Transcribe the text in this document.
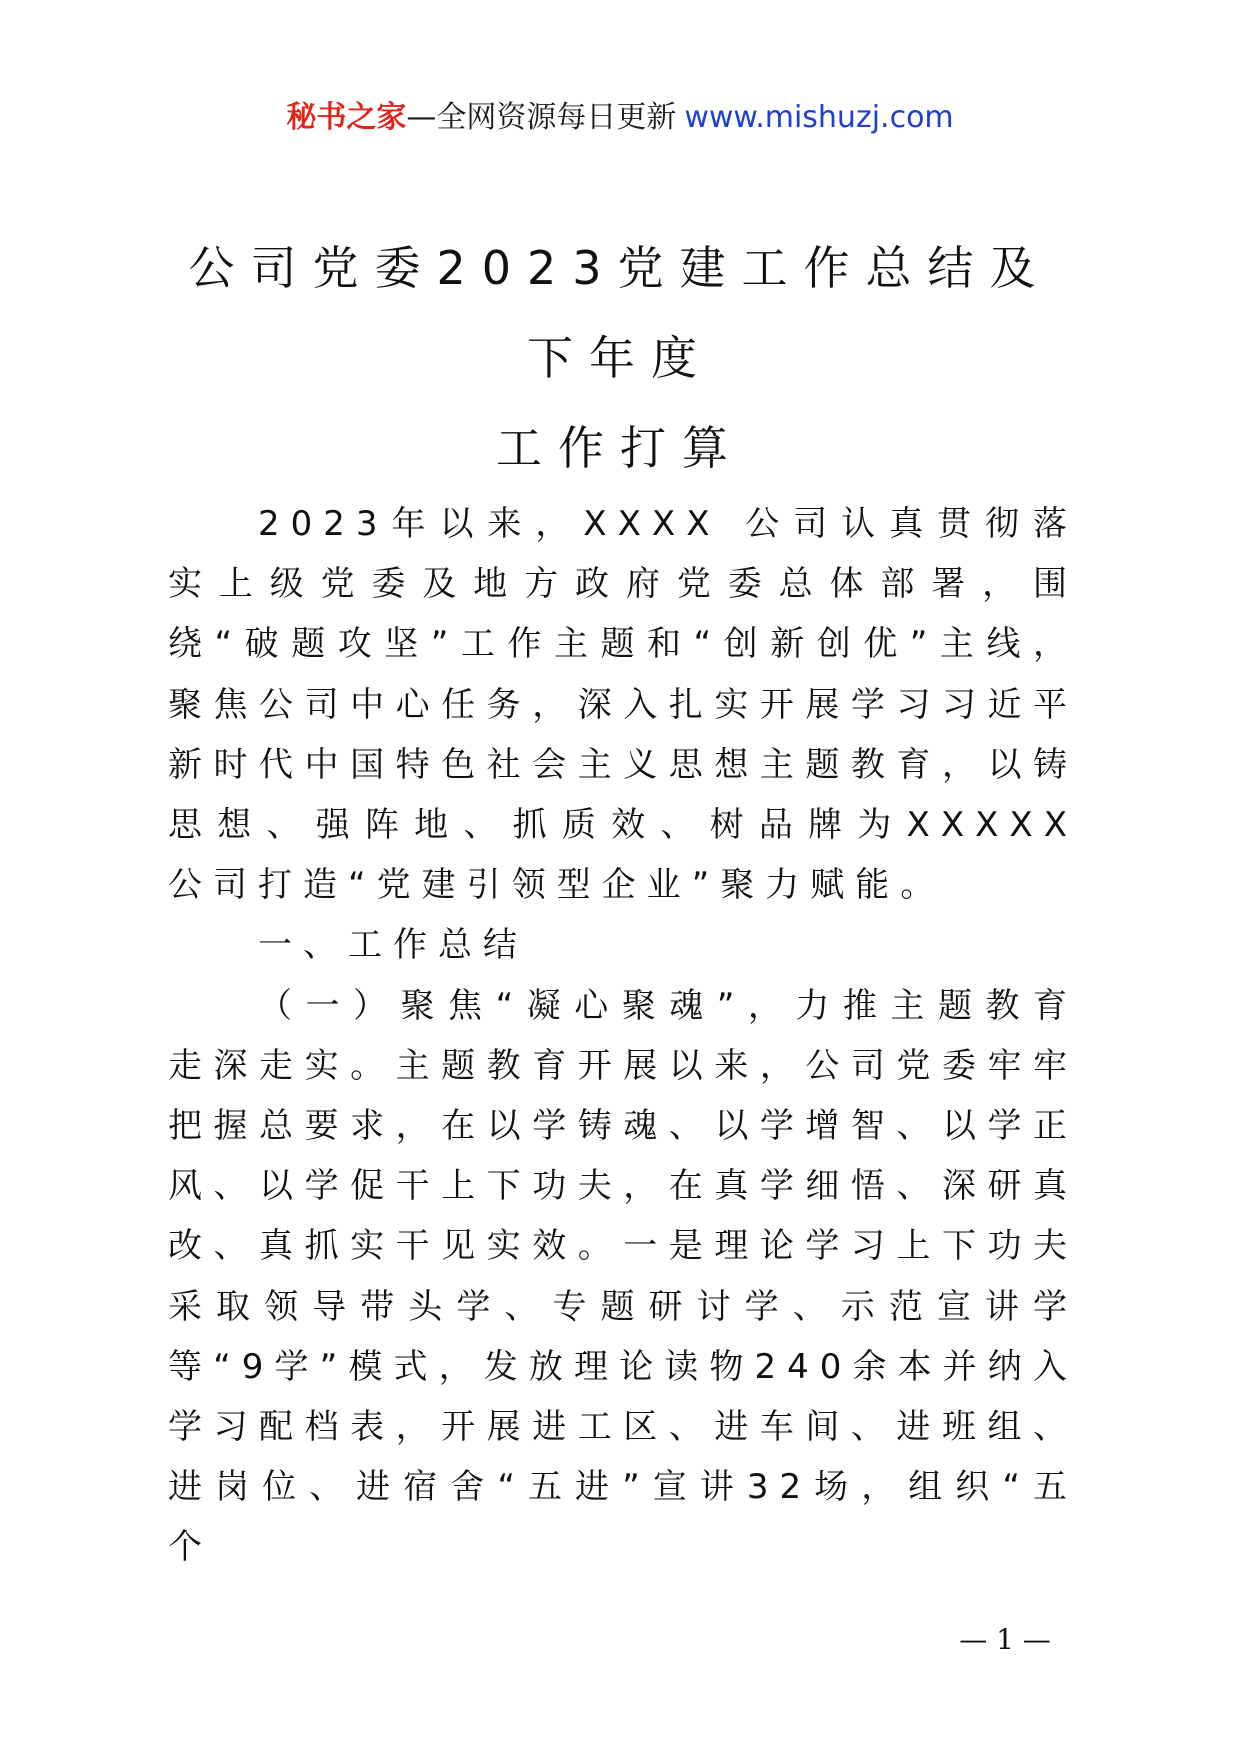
秘书之家—全网资源每日更新 www.mishuzj.com
公司党委2023党建工作总结及
下年度
工作打算

2023年以来，XXXX 公司认真贯彻落实上级党委及地方政府党委总体部署，围绕“破题攻坚”工作主题和“创新创优”主线，聚焦公司中心任务，深入扎实开展学习习近平新时代中国特色社会主义思想主题教育，以铸思想、强阵地、抓质效、树品牌为XXXXX 公司打造“党建引领型企业”聚力赋能。

一、工作总结

（一）聚焦“凝心聚魂”，力推主题教育走深走实。主题教育开展以来，公司党委牢牢把握总要求，在以学铸魂、以学增智、以学正风、以学促干上下功夫，在真学细悟、深研真改、真抓实干见实效。一是理论学习上下功夫采取领导带头学、专题研讨学、示范宣讲学等“9学”模式，发放理论读物240余本并纳入学习配档表，开展进工区、进车间、进班组、进岗位、进宿舍“五进”宣讲32场，组织“五个

— 1 —
